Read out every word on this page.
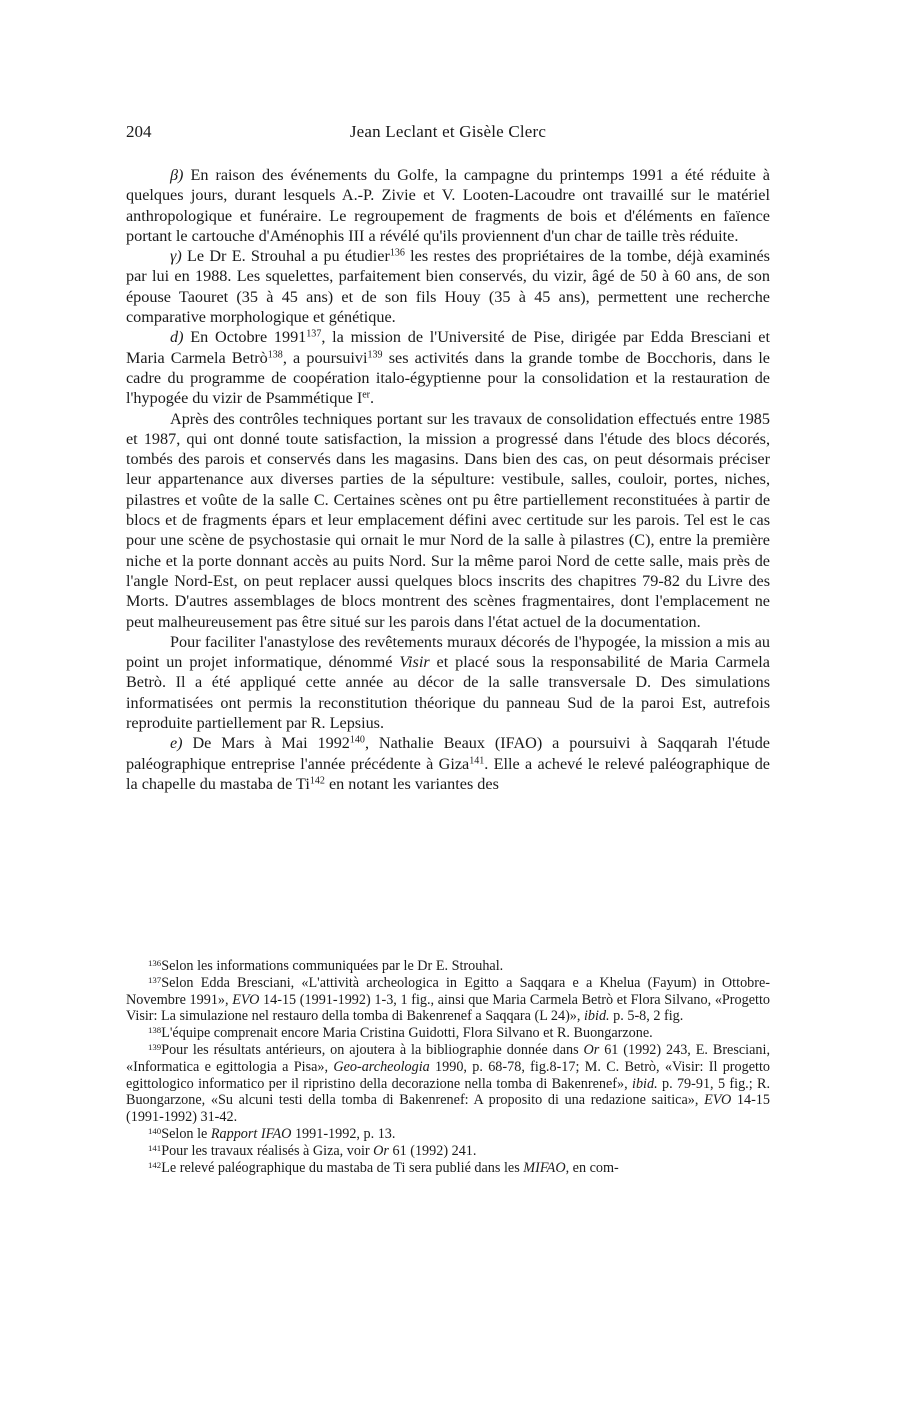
204	Jean Leclant et Gisèle Clerc

β) En raison des événements du Golfe, la campagne du printemps 1991 a été réduite à quelques jours, durant lesquels A.-P. Zivie et V. Looten-Lacoudre ont travaillé sur le matériel anthropologique et funéraire. Le regroupement de fragments de bois et d'éléments en faïence portant le cartouche d'Aménophis III a révélé qu'ils proviennent d'un char de taille très réduite.

γ) Le Dr E. Strouhal a pu étudier$^{136}$ les restes des propriétaires de la tombe, déjà examinés par lui en 1988. Les squelettes, parfaitement bien conservés, du vizir, âgé de 50 à 60 ans, de son épouse Taouret (35 à 45 ans) et de son fils Houy (35 à 45 ans), permettent une recherche comparative morphologique et génétique.

d) En Octobre 1991$^{137}$, la mission de l'Université de Pise, dirigée par Edda Bresciani et Maria Carmela Betrò$^{138}$, a poursuivi$^{139}$ ses activités dans la grande tombe de Bocchoris, dans le cadre du programme de coopération italo-égyptienne pour la consolidation et la restauration de l'hypogée du vizir de Psammétique Ier.

Après des contrôles techniques portant sur les travaux de consolidation effectués entre 1985 et 1987, qui ont donné toute satisfaction, la mission a progressé dans l'étude des blocs décorés, tombés des parois et conservés dans les magasins. Dans bien des cas, on peut désormais préciser leur appartenance aux diverses parties de la sépulture: vestibule, salles, couloir, portes, niches, pilastres et voûte de la salle C. Certaines scènes ont pu être partiellement reconstituées à partir de blocs et de fragments épars et leur emplacement défini avec certitude sur les parois. Tel est le cas pour une scène de psychostasie qui ornait le mur Nord de la salle à pilastres (C), entre la première niche et la porte donnant accès au puits Nord. Sur la même paroi Nord de cette salle, mais près de l'angle Nord-Est, on peut replacer aussi quelques blocs inscrits des chapitres 79-82 du Livre des Morts. D'autres assemblages de blocs montrent des scènes fragmentaires, dont l'emplacement ne peut malheureusement pas être situé sur les parois dans l'état actuel de la documentation.

Pour faciliter l'anastylose des revêtements muraux décorés de l'hypogée, la mission a mis au point un projet informatique, dénommé Visir et placé sous la responsabilité de Maria Carmela Betrò. Il a été appliqué cette année au décor de la salle transversale D. Des simulations informatisées ont permis la reconstitution théorique du panneau Sud de la paroi Est, autrefois reproduite partiellement par R. Lepsius.

e) De Mars à Mai 1992$^{140}$, Nathalie Beaux (IFAO) a poursuivi à Saqqarah l'étude paléographique entreprise l'année précédente à Giza$^{141}$. Elle a achevé le relevé paléographique de la chapelle du mastaba de Ti$^{142}$ en notant les variantes des

$^{136}$Selon les informations communiquées par le Dr E. Strouhal.

$^{137}$Selon Edda Bresciani, «L'attività archeologica in Egitto a Saqqara e a Khelua (Fayum) in Ottobre-Novembre 1991», EVO 14-15 (1991-1992) 1-3, 1 fig., ainsi que Maria Carmela Betrò et Flora Silvano, «Progetto Visir: La simulazione nel restauro della tomba di Bakenrenef a Saqqara (L 24)», ibid. p. 5-8, 2 fig.

$^{138}$L'équipe comprenait encore Maria Cristina Guidotti, Flora Silvano et R. Buongarzone.

$^{139}$Pour les résultats antérieurs, on ajoutera à la bibliographie donnée dans Or 61 (1992) 243, E. Bresciani, «Informatica e egittologia a Pisa», Geo-archeologia 1990, p. 68-78, fig.8-17; M. C. Betrò, «Visir: Il progetto egittologico informatico per il ripristino della decorazione nella tomba di Bakenrenef», ibid. p. 79-91, 5 fig.; R. Buongarzone, «Su alcuni testi della tomba di Bakenrenef: A proposito di una redazione saitica», EVO 14-15 (1991-1992) 31-42.

$^{140}$Selon le Rapport IFAO 1991-1992, p. 13.

$^{141}$Pour les travaux réalisés à Giza, voir Or 61 (1992) 241.

$^{142}$Le relevé paléographique du mastaba de Ti sera publié dans les MIFAO, en com-
